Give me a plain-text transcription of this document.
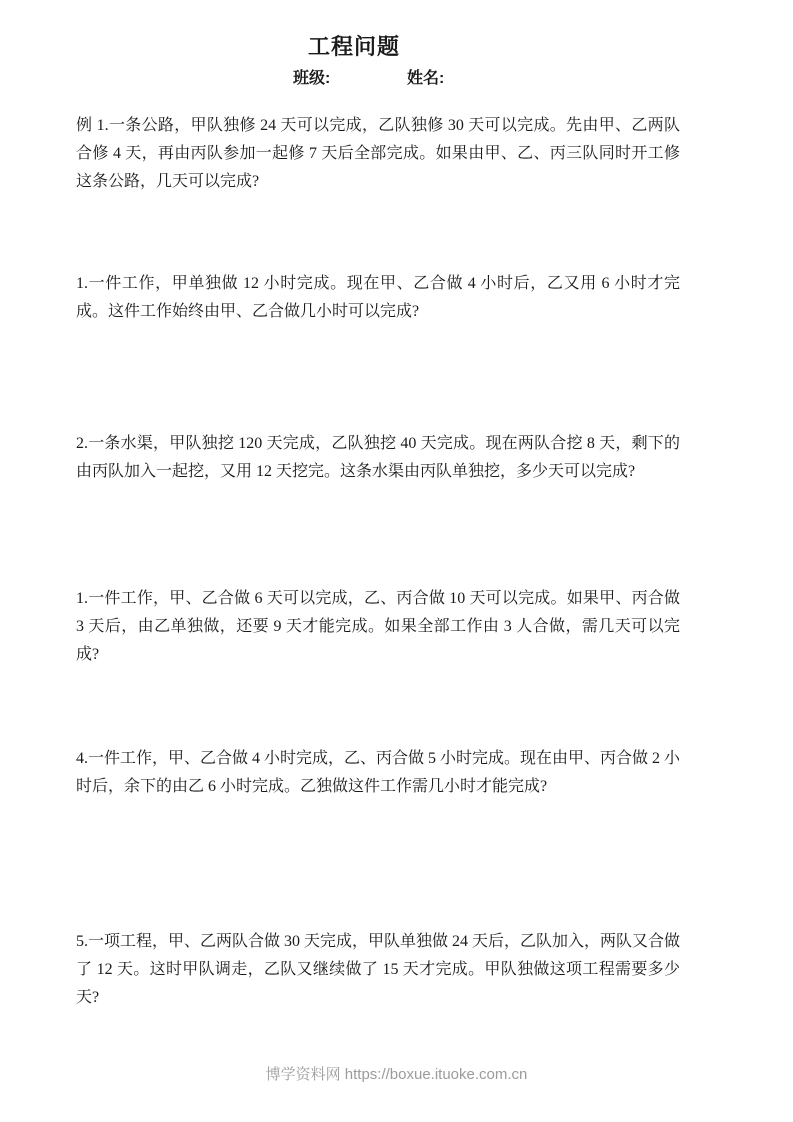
工程问题
班级:	姓名:
例 1.一条公路，甲队独修 24 天可以完成，乙队独修 30 天可以完成。先由甲、乙两队合修 4 天，再由丙队参加一起修 7 天后全部完成。如果由甲、乙、丙三队同时开工修这条公路，几天可以完成?
1.一件工作，甲单独做 12 小时完成。现在甲、乙合做 4 小时后，乙又用 6 小时才完成。这件工作始终由甲、乙合做几小时可以完成?
2.一条水渠，甲队独挖 120 天完成，乙队独挖 40 天完成。现在两队合挖 8 天，剩下的由丙队加入一起挖，又用 12 天挖完。这条水渠由丙队单独挖，多少天可以完成?
1.一件工作，甲、乙合做 6 天可以完成，乙、丙合做 10 天可以完成。如果甲、丙合做 3 天后，由乙单独做，还要 9 天才能完成。如果全部工作由 3 人合做，需几天可以完成?
4.一件工作，甲、乙合做 4 小时完成，乙、丙合做 5 小时完成。现在由甲、丙合做 2 小时后，余下的由乙 6 小时完成。乙独做这件工作需几小时才能完成?
5.一项工程，甲、乙两队合做 30 天完成，甲队单独做 24 天后，乙队加入，两队又合做了 12 天。这时甲队调走，乙队又继续做了 15 天才完成。甲队独做这项工程需要多少天?
博学资料网 https://boxue.ituoke.com.cn
